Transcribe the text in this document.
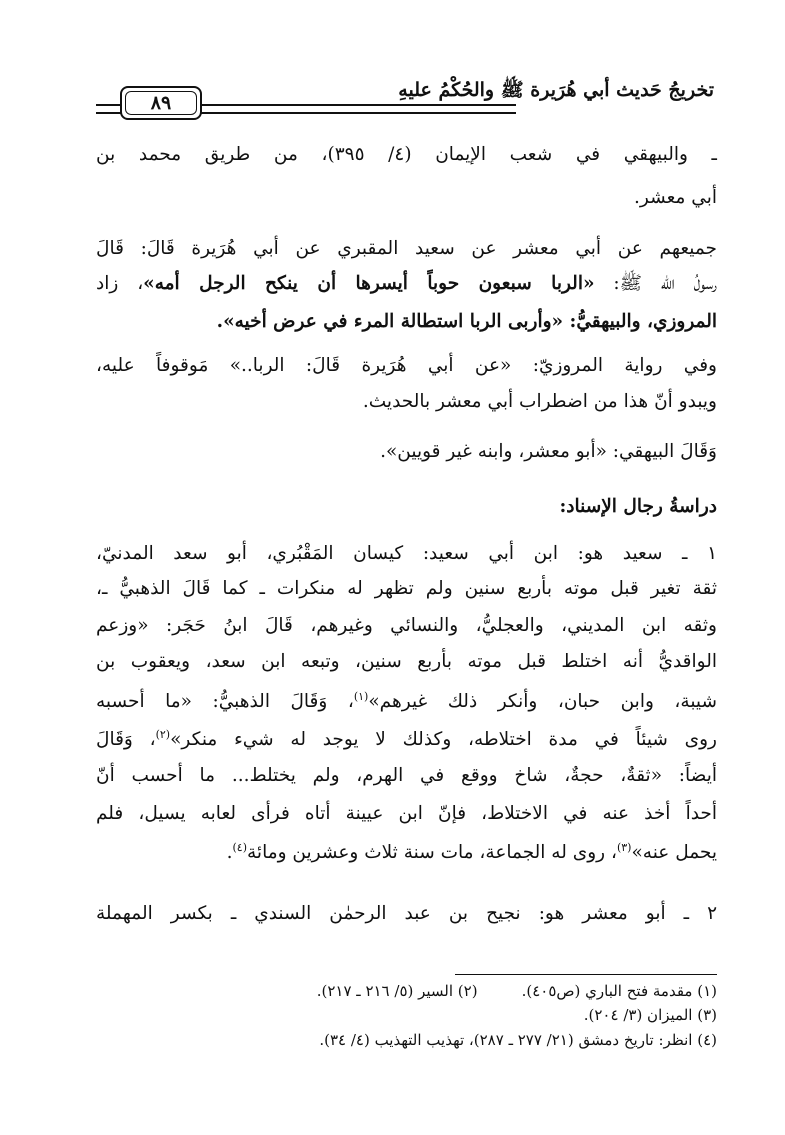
تخريجُ حَديث أبي هُرَيرة ﷺ والحُكْمُ عليهِ
٨٩
ـ والبيهقي في شعب الإيمان (٤/ ٣٩٥)، من طريق محمد بن
أبي معشر.
جميعهم عن أبي معشر عن سعيد المقبري عن أبي هُرَيرة قَالَ: قَالَ
رسولُ الله ﷺ: «الربا سبعون حوباً أيسرها أن ينكح الرجل أمه»، زاد
المروزي، والبيهقيُّ: «وأربى الربا استطالة المرء في عرض أخيه».
وفي رواية المروزيّ: «عن أبي هُرَيرة قَالَ: الربا..» مَوقوفاً عليه،
ويبدو أنّ هذا من اضطراب أبي معشر بالحديث.
وَقَالَ البيهقي: «أبو معشر، وابنه غير قويين».
دراسةُ رجال الإسناد:
١ ـ سعيد هو: ابن أبي سعيد: كيسان المَقْبُري، أبو سعد المدنيّ،
ثقة تغير قبل موته بأربع سنين ولم تظهر له منكرات ـ كما قَالَ الذهبيُّ ـ،
وثقه ابن المديني، والعجليُّ، والنسائي وغيرهم، قَالَ ابنُ حَجَر: «وزعم
الواقديُّ أنه اختلط قبل موته بأربع سنين، وتبعه ابن سعد، ويعقوب بن
شيبة، وابن حبان، وأنكر ذلك غيرهم»$^{(١)}$، وَقَالَ الذهبيُّ: «ما أحسبه
روى شيئاً في مدة اختلاطه، وكذلك لا يوجد له شيء منكر»$^{(٢)}$، وَقَالَ
أيضاً: «ثقةٌ، حجةٌ، شاخ ووقع في الهرم، ولم يختلط... ما أحسب أنّ
أحداً أخذ عنه في الاختلاط، فإنّ ابن عيينة أتاه فرأى لعابه يسيل، فلم
يحمل عنه»$^{(٣)}$، روى له الجماعة، مات سنة ثلاث وعشرين ومائة$^{(٤)}$.
٢ ـ أبو معشر هو: نجيح بن عبد الرحمٰن السندي ـ بكسر المهملة
(١) مقدمة فتح الباري (ص٤٠٥).(٢) السير (٥/ ٢١٦ ـ ٢١٧).
(٣) الميزان (٣/ ٢٠٤).
(٤) انظر: تاريخ دمشق (٢١/ ٢٧٧ ـ ٢٨٧)، تهذيب التهذيب (٤/ ٣٤).
